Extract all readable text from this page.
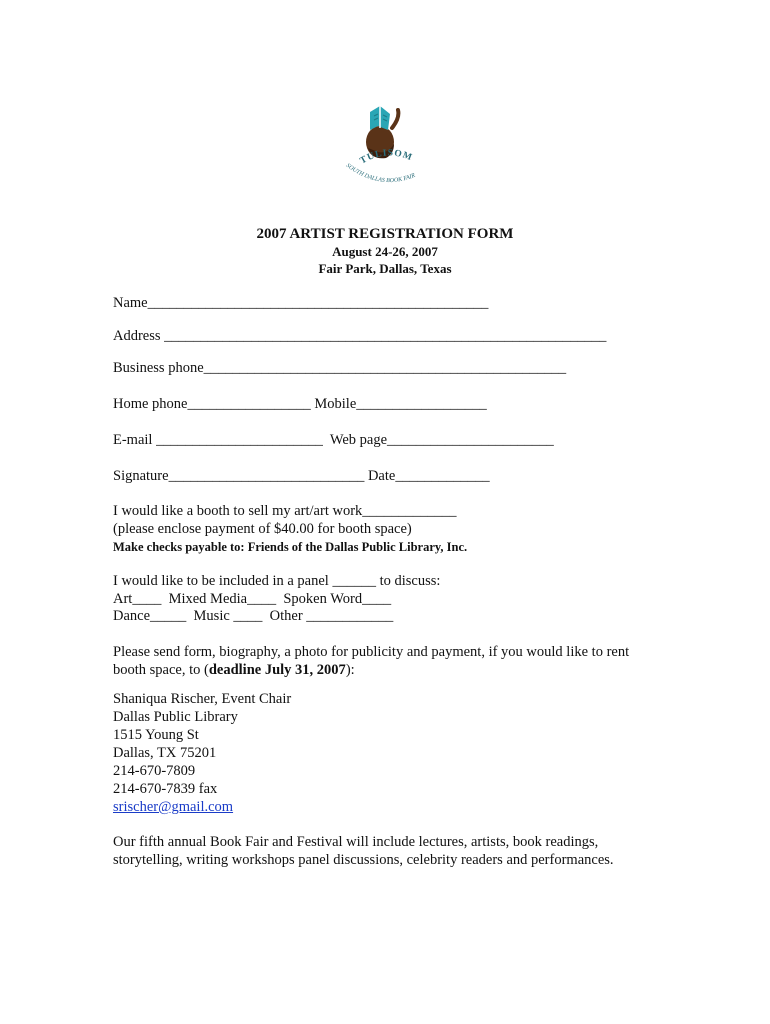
TULISOM
SOUTH DALLAS BOOK FAIR
2007 ARTIST REGISTRATION FORM
August 24-26, 2007
Fair Park, Dallas, Texas
Name_______________________________________________
Address _____________________________________________________________
Business phone__________________________________________________
Home phone_________________ Mobile__________________
E-mail _______________________  Web page_______________________
Signature___________________________ Date_____________
I would like a booth to sell my art/art work_____________
(please enclose payment of $40.00 for booth space)
Make checks payable to: Friends of the Dallas Public Library, Inc.
I would like to be included in a panel ______ to discuss:
Art____  Mixed Media____  Spoken Word____
Dance_____  Music ____  Other ____________
Please send form, biography, a photo for publicity and payment, if you would like to rent
booth space, to (deadline July 31, 2007):
Shaniqua Rischer, Event Chair
Dallas Public Library
1515 Young St
Dallas, TX 75201
214-670-7809
214-670-7839 fax
srischer@gmail.com
Our fifth annual Book Fair and Festival will include lectures, artists, book readings,
storytelling, writing workshops panel discussions, celebrity readers and performances.
